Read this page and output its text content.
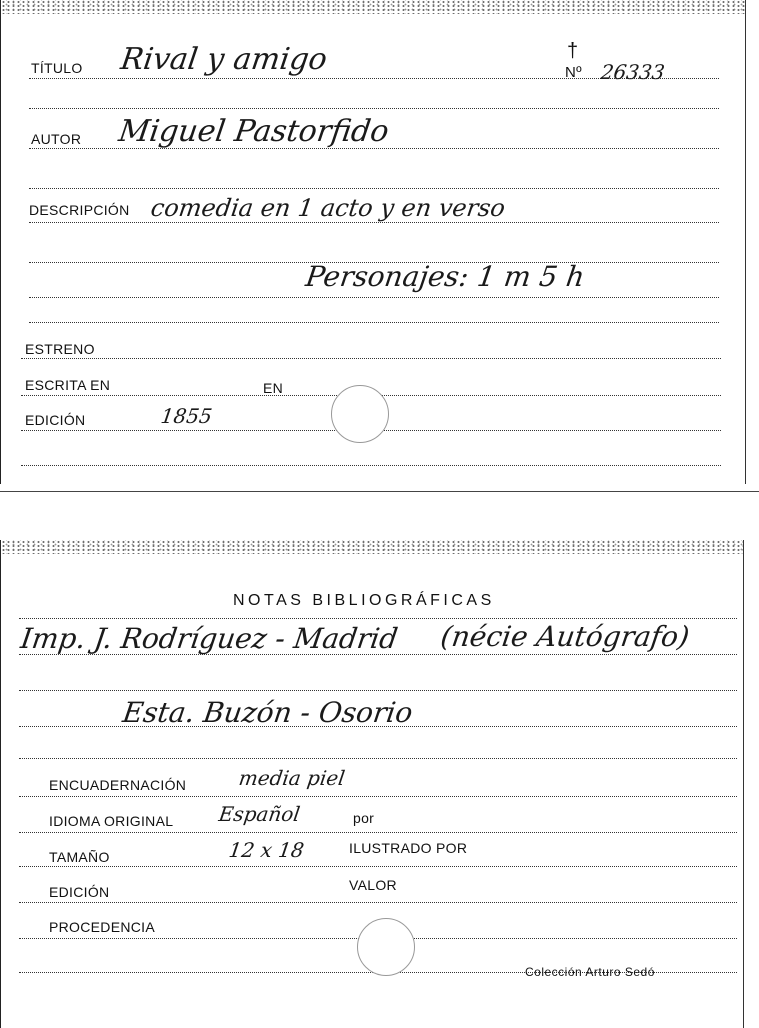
TÍTULO Rival y amigo	†
Nº 26333
AUTOR Miguel Pastorfido
DESCRIPCIÓN comedia en 1 acto y en verso
Personajes: 1 m 5 h
ESTRENO
ESCRITA EN	EN
EDICIÓN	1855
NOTAS BIBLIOGRÁFICAS
Imp. J. Rodríguez - Madrid (nécie Autógrafo)
Esta. Buzón - Osorio
ENCUADERNACIÓN	media piel
IDIOMA ORIGINAL Español	por
TAMAÑO	12 x 18	ILUSTRADO POR
EDICIÓN	VALOR
PROCEDENCIA
Colección Arturo Sedó
